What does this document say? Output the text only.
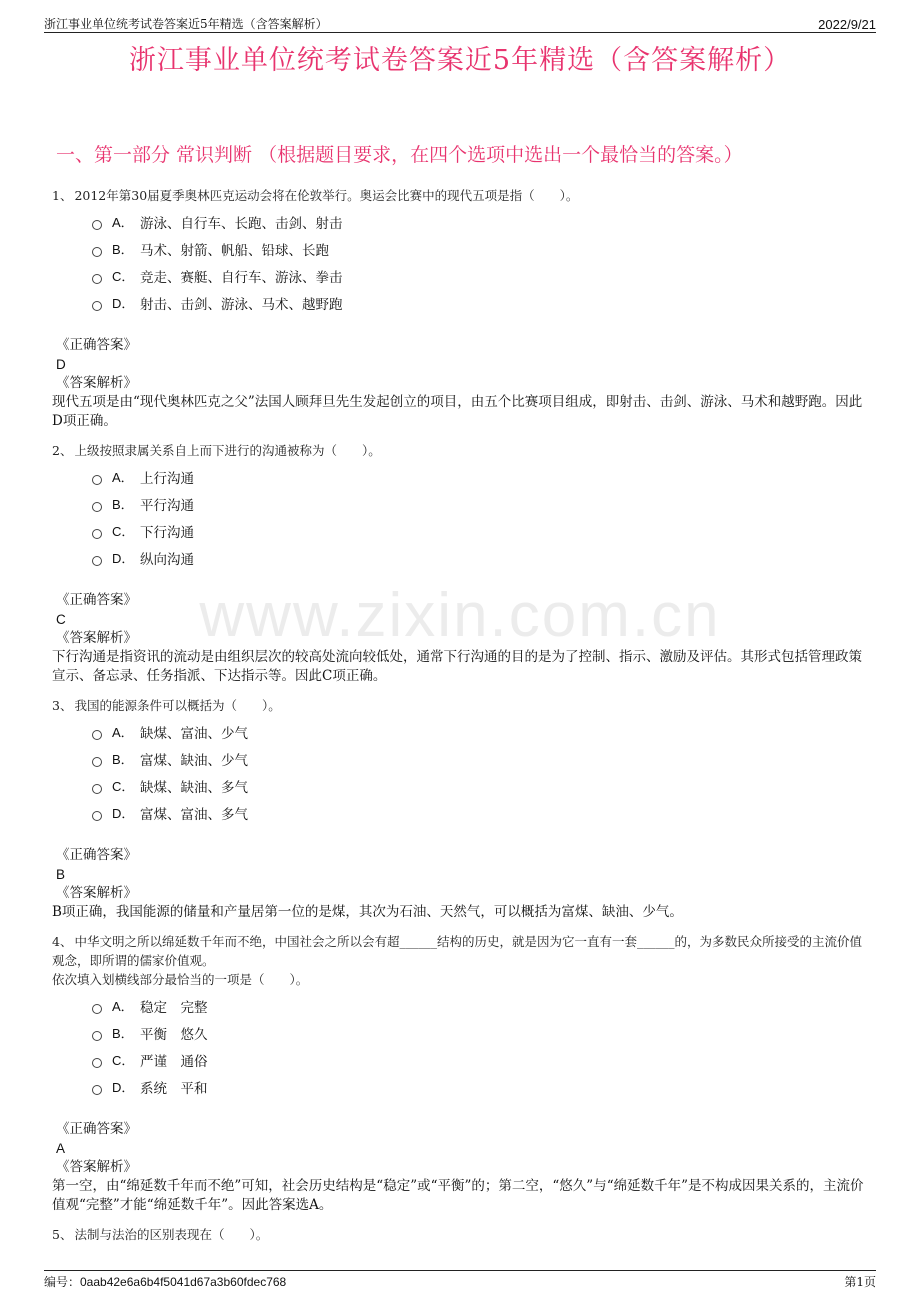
浙江事业单位统考试卷答案近5年精选（含答案解析）	2022/9/21
浙江事业单位统考试卷答案近5年精选（含答案解析）
一、第一部分 常识判断 （根据题目要求，在四个选项中选出一个最恰当的答案。）
www.zixin.com.cn
1、 2012年第30届夏季奥林匹克运动会将在伦敦举行。奥运会比赛中的现代五项是指（　　）。
A． 游泳、自行车、长跑、击剑、射击
B． 马术、射箭、帆船、铅球、长跑
C． 竞走、赛艇、自行车、游泳、拳击
D． 射击、击剑、游泳、马术、越野跑
《正确答案》
D
《答案解析》
现代五项是由“现代奥林匹克之父”法国人顾拜旦先生发起创立的项目，由五个比赛项目组成，即射击、击剑、游泳、马术和越野跑。因此D项正确。
2、 上级按照隶属关系自上而下进行的沟通被称为（　　）。
A． 上行沟通
B． 平行沟通
C． 下行沟通
D． 纵向沟通
《正确答案》
C
《答案解析》
下行沟通是指资讯的流动是由组织层次的较高处流向较低处，通常下行沟通的目的是为了控制、指示、激励及评估。其形式包括管理政策宣示、备忘录、任务指派、下达指示等。因此C项正确。
3、 我国的能源条件可以概括为（　　）。
A． 缺煤、富油、少气
B． 富煤、缺油、少气
C． 缺煤、缺油、多气
D． 富煤、富油、多气
《正确答案》
B
《答案解析》
B项正确，我国能源的储量和产量居第一位的是煤，其次为石油、天然气，可以概括为富煤、缺油、少气。
4、 中华文明之所以绵延数千年而不绝，中国社会之所以会有超______结构的历史，就是因为它一直有一套______的，为多数民众所接受的主流价值观念，即所谓的儒家价值观。
依次填入划横线部分最恰当的一项是（　　）。
A． 稳定　完整
B． 平衡　悠久
C． 严谨　通俗
D． 系统　平和
《正确答案》
A
《答案解析》
第一空，由“绵延数千年而不绝”可知，社会历史结构是“稳定”或“平衡”的；第二空，“悠久”与“绵延数千年”是不构成因果关系的，主流价值观“完整”才能“绵延数千年”。因此答案选A。
5、 法制与法治的区别表现在（　　）。
编号：0aab42e6a6b4f5041d67a3b60fdec768	第1页
